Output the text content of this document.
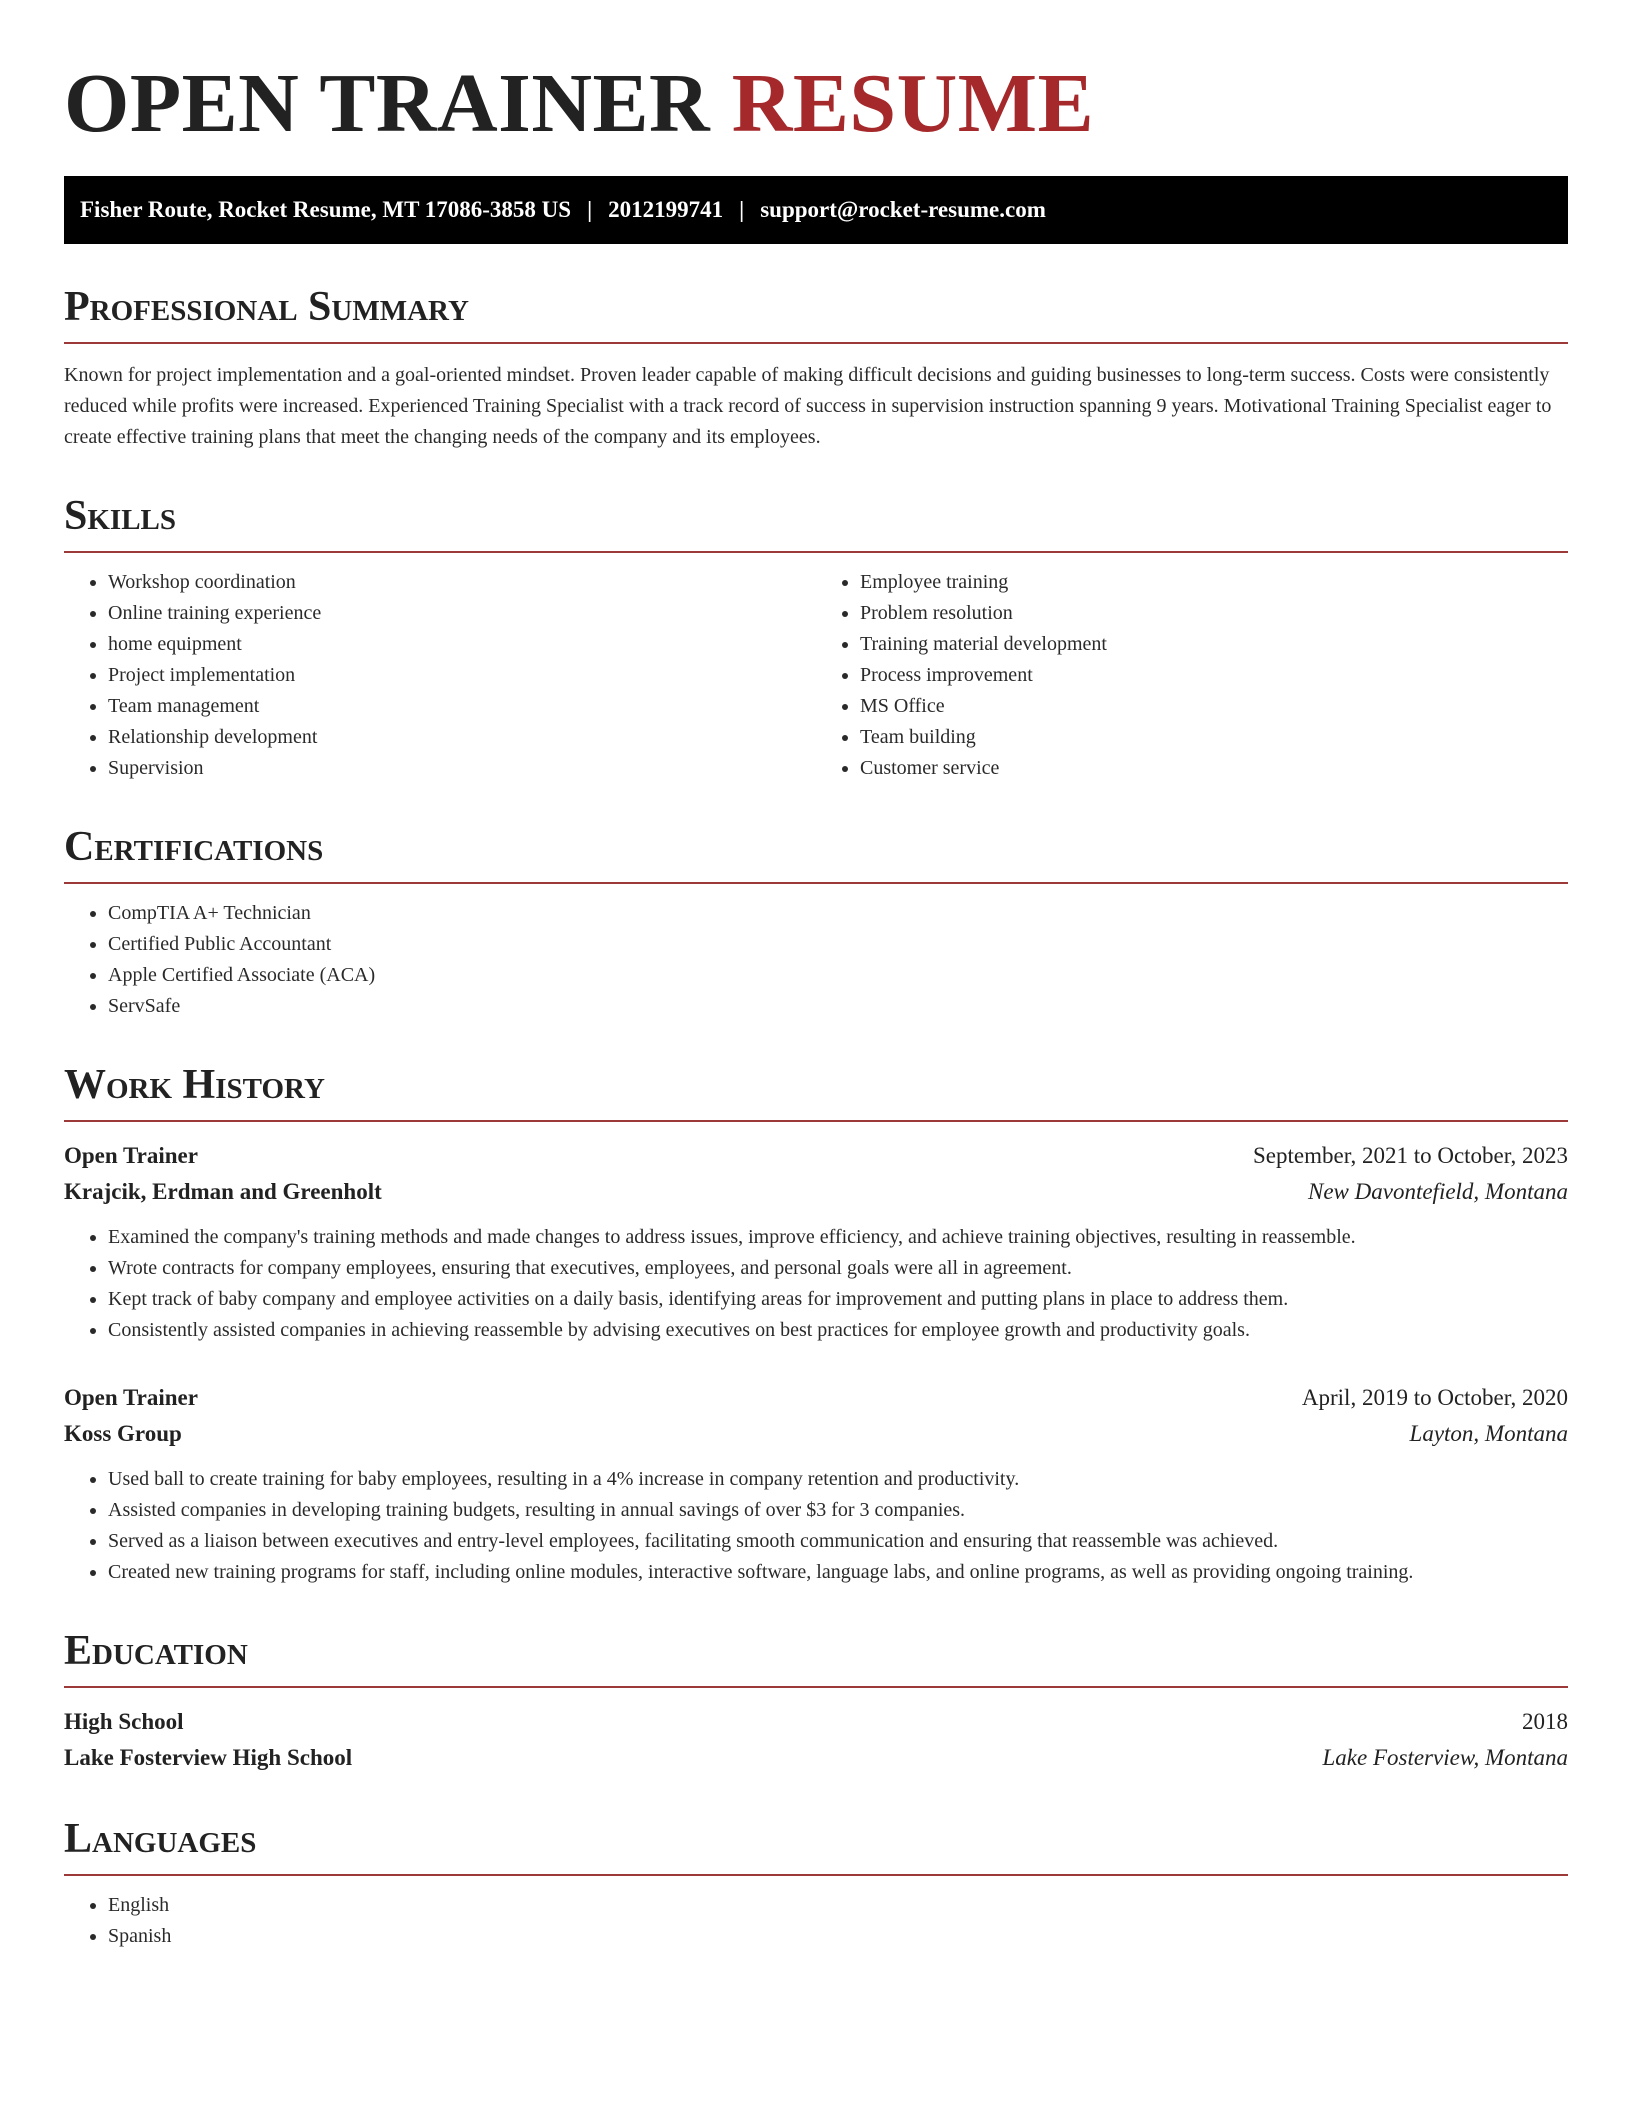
OPEN TRAINER RESUME
Fisher Route, Rocket Resume, MT 17086-3858 US | 2012199741 | support@rocket-resume.com
Professional Summary

Known for project implementation and a goal-oriented mindset. Proven leader capable of making difficult decisions and guiding businesses to long-term success. Costs were consistently reduced while profits were increased. Experienced Training Specialist with a track record of success in supervision instruction spanning 9 years. Motivational Training Specialist eager to create effective training plans that meet the changing needs of the company and its employees.

Skills
• Workshop coordination
• Online training experience
• home equipment
• Project implementation
• Team management
• Relationship development
• Supervision
• Employee training
• Problem resolution
• Training material development
• Process improvement
• MS Office
• Team building
• Customer service
Certifications
• CompTIA A+ Technician
• Certified Public Accountant
• Apple Certified Associate (ACA)
• ServSafe
Work History
Open Trainer	September, 2021 to October, 2023
Krajcik, Erdman and Greenholt	New Davontefield, Montana
• Examined the company's training methods and made changes to address issues, improve efficiency, and achieve training objectives, resulting in reassemble.
• Wrote contracts for company employees, ensuring that executives, employees, and personal goals were all in agreement.
• Kept track of baby company and employee activities on a daily basis, identifying areas for improvement and putting plans in place to address them.
• Consistently assisted companies in achieving reassemble by advising executives on best practices for employee growth and productivity goals.
Open Trainer	April, 2019 to October, 2020
Koss Group	Layton, Montana
• Used ball to create training for baby employees, resulting in a 4% increase in company retention and productivity.
• Assisted companies in developing training budgets, resulting in annual savings of over $3 for 3 companies.
• Served as a liaison between executives and entry-level employees, facilitating smooth communication and ensuring that reassemble was achieved.
• Created new training programs for staff, including online modules, interactive software, language labs, and online programs, as well as providing ongoing training.
Education
High School	2018
Lake Fosterview High School	Lake Fosterview, Montana
Languages
• English
• Spanish
